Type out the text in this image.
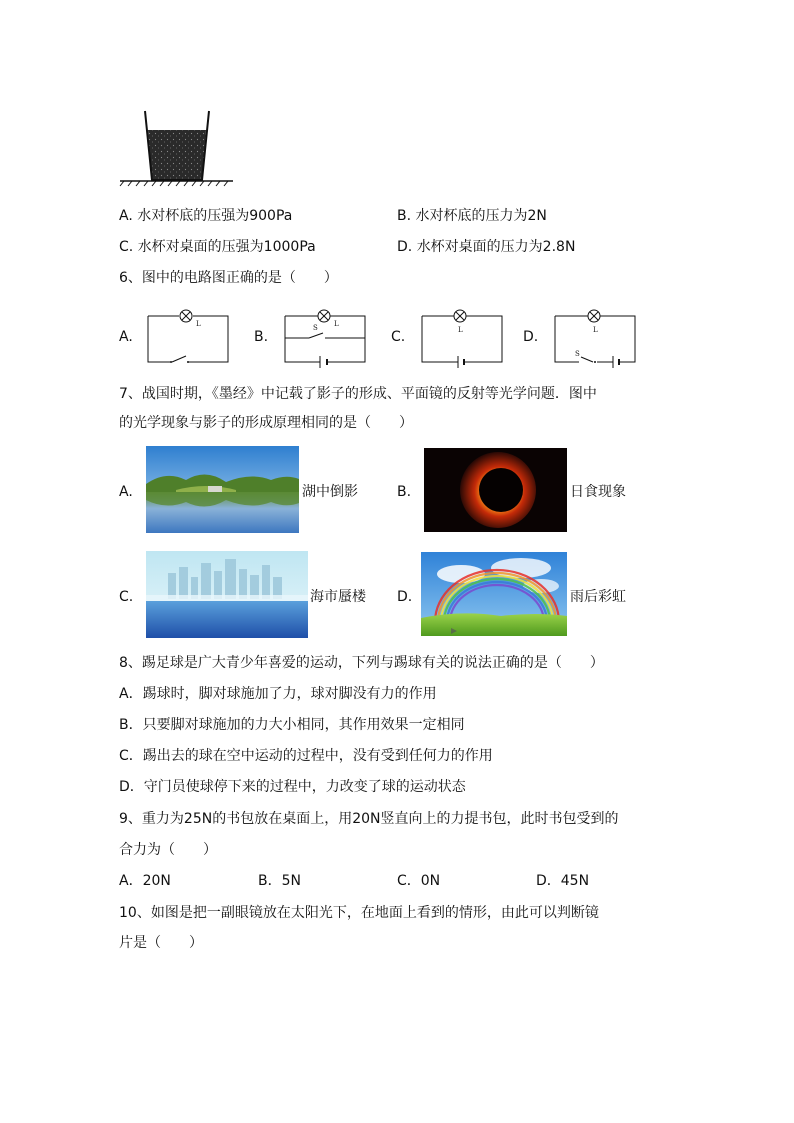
A. 水对杯底的压强为900Pa	B. 水对杯底的压力为2N
C. 水杯对桌面的压强为1000Pa	D. 水杯对桌面的压力为2.8N
6、图中的电路图正确的是（　　）
A.	B.	C.	D.
L	S L
L	L
S
7、战国时期，《墨经》中记载了影子的形成、平面镜的反射等光学问题．图中
的光学现象与影子的形成原理相同的是（　　）
A.	湖中倒影	B.	日食现象
C.	海市蜃楼 D.	雨后彩虹
8、踢足球是广大青少年喜爱的运动，下列与踢球有关的说法正确的是（　　）
A．踢球时，脚对球施加了力，球对脚没有力的作用
B．只要脚对球施加的力大小相同，其作用效果一定相同
C．踢出去的球在空中运动的过程中，没有受到任何力的作用
D．守门员使球停下来的过程中，力改变了球的运动状态
9、重力为25N的书包放在桌面上，用20N竖直向上的力提书包，此时书包受到的
合力为（　　）
A．20N	B．5N	C．0N	D．45N
10、如图是把一副眼镜放在太阳光下，在地面上看到的情形，由此可以判断镜
片是（　　）
